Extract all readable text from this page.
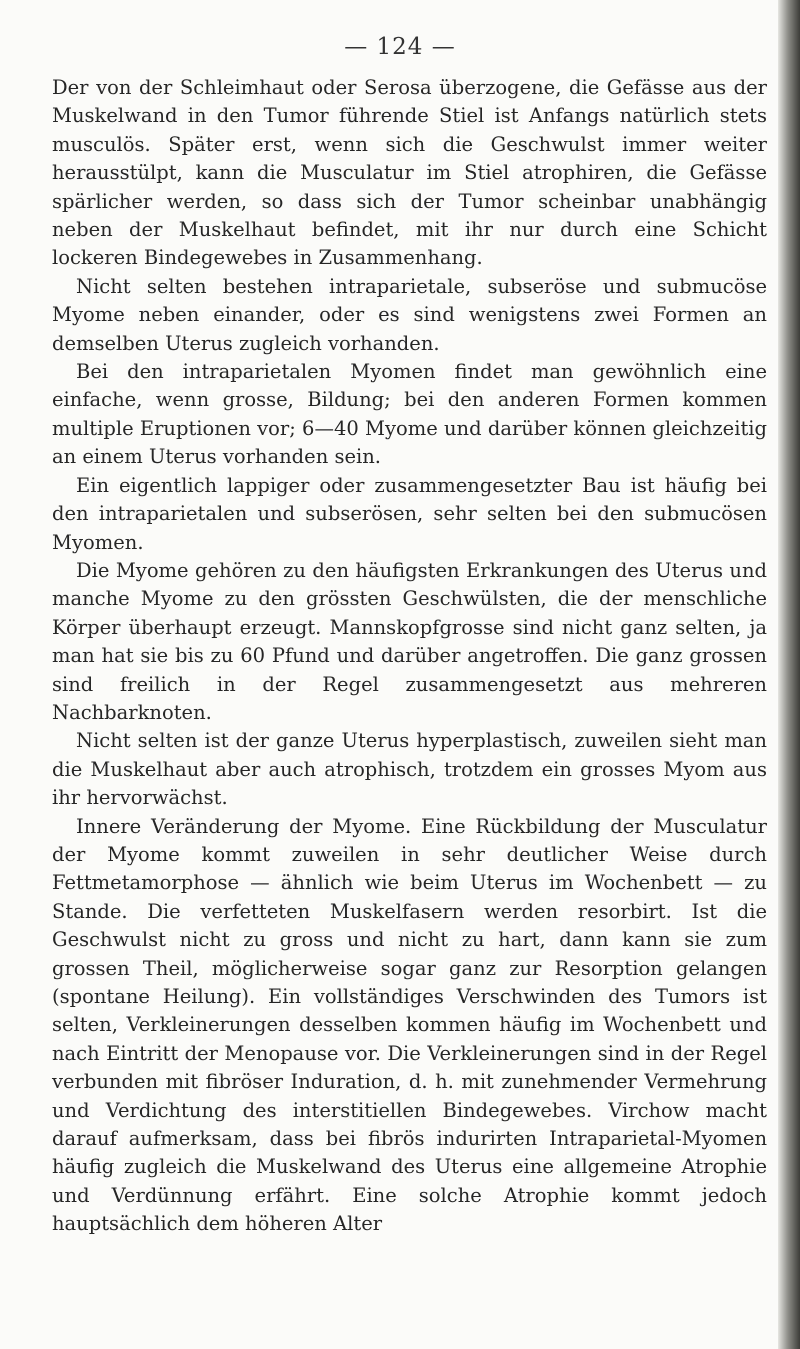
— 124 —

Der von der Schleimhaut oder Serosa überzogene, die Gefässe aus der Muskelwand in den Tumor führende Stiel ist Anfangs natürlich stets musculös. Später erst, wenn sich die Geschwulst immer weiter herausstülpt, kann die Musculatur im Stiel atrophiren, die Gefässe spärlicher werden, so dass sich der Tumor scheinbar unabhängig neben der Muskelhaut befindet, mit ihr nur durch eine Schicht lockeren Bindegewebes in Zusammenhang.

Nicht selten bestehen intraparietale, subseröse und submucöse Myome neben einander, oder es sind wenigstens zwei Formen an demselben Uterus zugleich vorhanden.

Bei den intraparietalen Myomen findet man gewöhnlich eine einfache, wenn grosse, Bildung; bei den anderen Formen kommen multiple Eruptionen vor; 6—40 Myome und darüber können gleichzeitig an einem Uterus vorhanden sein.

Ein eigentlich lappiger oder zusammengesetzter Bau ist häufig bei den intraparietalen und subserösen, sehr selten bei den submucösen Myomen.

Die Myome gehören zu den häufigsten Erkrankungen des Uterus und manche Myome zu den grössten Geschwülsten, die der menschliche Körper überhaupt erzeugt. Mannskopfgrosse sind nicht ganz selten, ja man hat sie bis zu 60 Pfund und darüber angetroffen. Die ganz grossen sind freilich in der Regel zusammengesetzt aus mehreren Nachbarknoten.

Nicht selten ist der ganze Uterus hyperplastisch, zuweilen sieht man die Muskelhaut aber auch atrophisch, trotzdem ein grosses Myom aus ihr hervorwächst.

Innere Veränderung der Myome. Eine Rückbildung der Musculatur der Myome kommt zuweilen in sehr deutlicher Weise durch Fettmetamorphose — ähnlich wie beim Uterus im Wochenbett — zu Stande. Die verfetteten Muskelfasern werden resorbirt. Ist die Geschwulst nicht zu gross und nicht zu hart, dann kann sie zum grossen Theil, möglicherweise sogar ganz zur Resorption gelangen (spontane Heilung). Ein vollständiges Verschwinden des Tumors ist selten, Verkleinerungen desselben kommen häufig im Wochenbett und nach Eintritt der Menopause vor. Die Verkleinerungen sind in der Regel verbunden mit fibröser Induration, d. h. mit zunehmender Vermehrung und Verdichtung des interstitiellen Bindegewebes. Virchow macht darauf aufmerksam, dass bei fibrös indurirten Intraparietal-Myomen häufig zugleich die Muskelwand des Uterus eine allgemeine Atrophie und Verdünnung erfährt. Eine solche Atrophie kommt jedoch hauptsächlich dem höheren Alter
